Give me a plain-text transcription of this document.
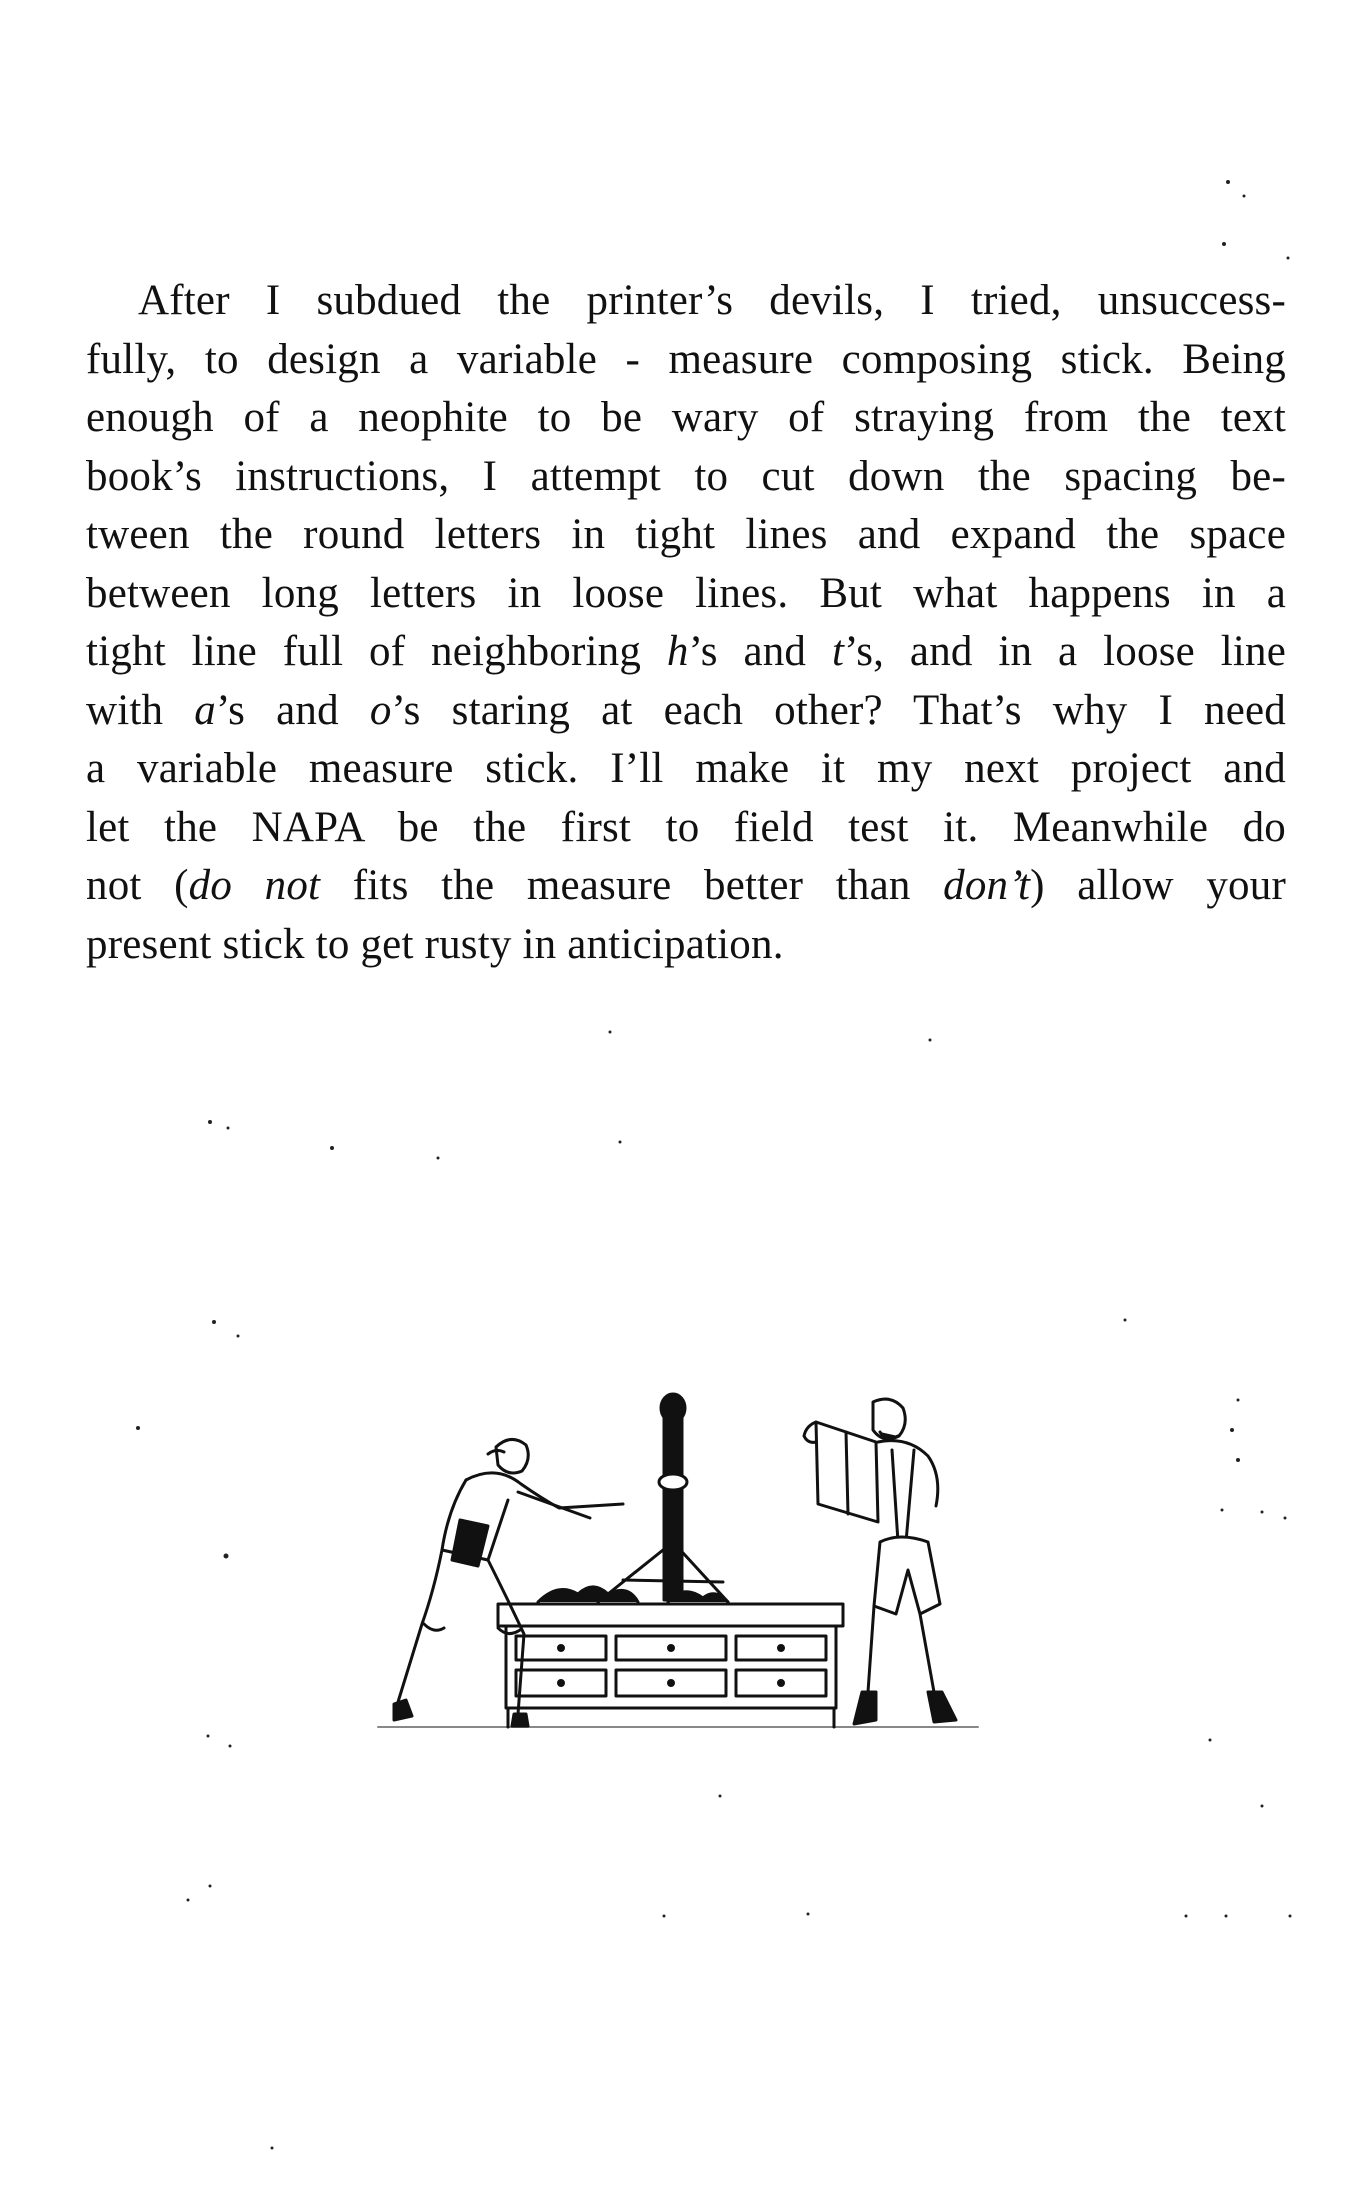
After I subdued the printer’s devils, I tried, unsuccess-
fully, to design a variable - measure composing stick. Being
enough of a neophite to be wary of straying from the text
book’s instructions, I attempt to cut down the spacing be-
tween the round letters in tight lines and expand the space
between long letters in loose lines. But what happens in a
tight line full of neighboring h’s and t’s, and in a loose line
with a’s and o’s staring at each other? That’s why I need
a variable measure stick. I’ll make it my next project and
let the NAPA be the first to field test it. Meanwhile do
not (do not fits the measure better than don’t) allow your
present stick to get rusty in anticipation.
